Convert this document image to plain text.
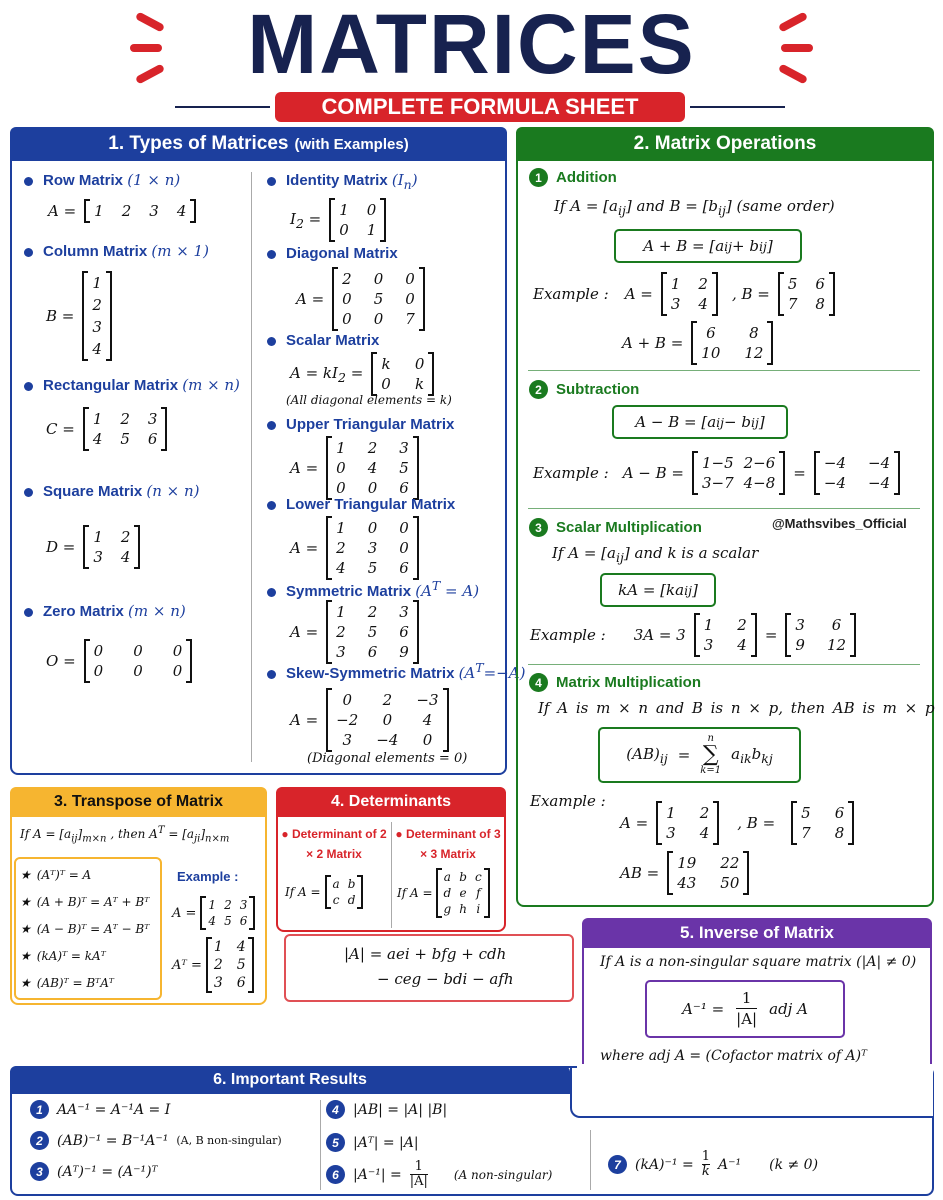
MATRICES
COMPLETE FORMULA SHEET
1. Types of Matrices (with Examples)
Row Matrix (1 × n)
A = 1 2 3 4
Column Matrix (m × 1)
B =
1
2
3
4
Rectangular Matrix (m × n)
C =
1 2 3
4 5 6
Square Matrix (n × n)
D =
1 2
3 4
Zero Matrix (m × n)
O =
0 0 0
0 0 0
Identity Matrix $(I_n)$
$I_2 = 1$ 0
0 1
Diagonal Matrix
A =
2 0 0
0 5 0
0 0 7
Scalar Matrix
$A = kI_2 = k$ 0
0 k
(All diagonal elements = k)
Upper Triangular Matrix
A =
1 2 3
0 4 5
0 0 6
Lower Triangular Matrix
A =
1 0 0
2 3 0
4 5 6
Symmetric Matrix $(A^T = A)$
A =
1 2 3
2 5 6
3 6 9
Skew-Symmetric Matrix $(A^T=-A)$
A =
0	2	−3
−2	0	4
3	−4	0
(Diagonal elements = 0)
2. Matrix Operations
1 Addition
If $A = [a_{ij}]$ and $B = [b_{ij}]$ (same order)
A + B = [a ij + b ij ]
Example : A =
1 2
3 4
, B =
5 6
7 8
A + B =
6	8
10 12
2 Subtraction
A − B = [a ij − b ij ]
Example : A − B =
1−5 2−6
3−7 4−8
=
−4 −4
−4 −4
3 Scalar Multiplication	@Mathsvibes_Official
If $A = [a_{ij}]$ and k is a scalar
kA = [ka ij ]
Example : 3A = 3
1 2
3 4
=
3	6
9 12
4 Matrix Multiplication
If A is m × n and B is n × p, then AB is m × p
$(AB)_{ij}$ =
n
∑
k=1
$a_{ik}b_{kj}$
Example :
A =
1 2
3 4
, B =
5 6
7 8
AB =
19 22
43 50
3. Transpose of Matrix
If $A = [a_{ij}]_{m\times n}$ , then $A^T = [a_{ji}]_{n\times m}$
★ (Aᵀ)ᵀ = A
★ (A + B)ᵀ = Aᵀ + Bᵀ
★ (A − B)ᵀ = Aᵀ − Bᵀ
★ (kA)ᵀ = kAᵀ
★ (AB)ᵀ = BᵀAᵀ
Example :
A =
1 2 3
4 5 6
Aᵀ =
1 4
2 5
3 6
4. Determinants
● Determinant of 2 × 2 Matrix
If A =
a b
c d
● Determinant of 3 × 3 Matrix
If A =
a b c
d e f
g h i
|A| = aei + bfg + cdh
− ceg − bdi − afh
5. Inverse of Matrix
If A is a non-singular square matrix (|A| ≠ 0)
$A^{-1} = \frac{1}{|A|}$ adj A
where adj A = (Cofactor matrix of A)ᵀ
6. Important Results
1	AA⁻¹ = A⁻¹A = I
2	(AB)⁻¹ = B⁻¹A⁻¹ (A, B non-singular)
3	(Aᵀ)⁻¹ = (A⁻¹)ᵀ
4	|AB| = |A| |B|
5	|Aᵀ| = |A|
6	$|A^{-1}| = \frac{1}{|A|} (A$ non-singular)
7	$(kA)^{-1} = \frac{1}{k} A^{-1}$ (k ≠ 0)
